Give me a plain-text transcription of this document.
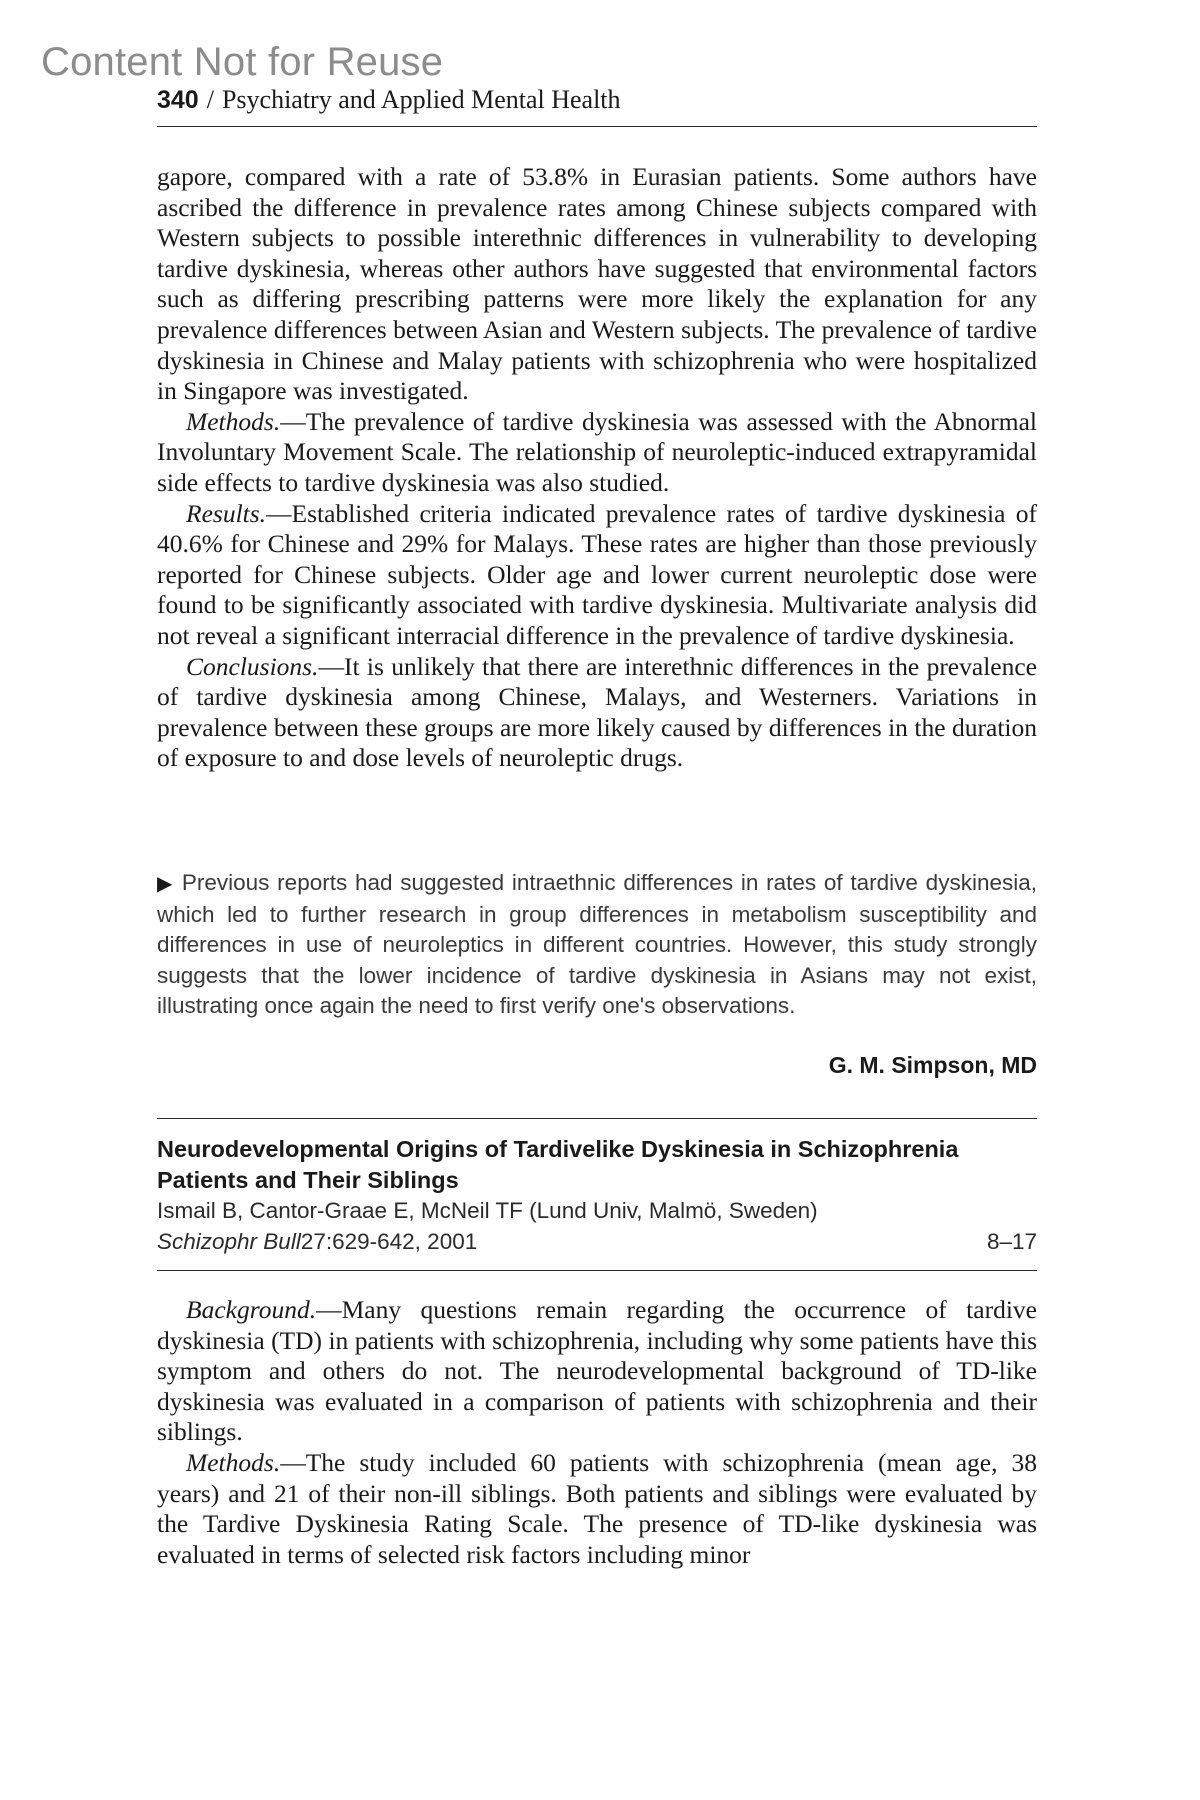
Content Not for Reuse
340 / Psychiatry and Applied Mental Health

gapore, compared with a rate of 53.8% in Eurasian patients. Some authors have ascribed the difference in prevalence rates among Chinese subjects compared with Western subjects to possible interethnic differences in vulnerability to developing tardive dyskinesia, whereas other authors have suggested that environmental factors such as differing prescribing patterns were more likely the explanation for any prevalence differences between Asian and Western subjects. The prevalence of tardive dyskinesia in Chinese and Malay patients with schizophrenia who were hospitalized in Singapore was investigated.

Methods.—The prevalence of tardive dyskinesia was assessed with the Abnormal Involuntary Movement Scale. The relationship of neuroleptic-induced extrapyramidal side effects to tardive dyskinesia was also studied.

Results.—Established criteria indicated prevalence rates of tardive dyskinesia of 40.6% for Chinese and 29% for Malays. These rates are higher than those previously reported for Chinese subjects. Older age and lower current neuroleptic dose were found to be significantly associated with tardive dyskinesia. Multivariate analysis did not reveal a significant interracial difference in the prevalence of tardive dyskinesia.

Conclusions.—It is unlikely that there are interethnic differences in the prevalence of tardive dyskinesia among Chinese, Malays, and Westerners. Variations in prevalence between these groups are more likely caused by differences in the duration of exposure to and dose levels of neuroleptic drugs.

▶ Previous reports had suggested intraethnic differences in rates of tardive dyskinesia, which led to further research in group differences in metabolism susceptibility and differences in use of neuroleptics in different countries. However, this study strongly suggests that the lower incidence of tardive dyskinesia in Asians may not exist, illustrating once again the need to first verify one's observations.
G. M. Simpson, MD
Neurodevelopmental Origins of Tardivelike Dyskinesia in Schizophrenia Patients and Their Siblings
Ismail B, Cantor-Graae E, McNeil TF (Lund Univ, Malmö, Sweden)
Schizophr Bull27:629-642, 2001	8–17

Background.—Many questions remain regarding the occurrence of tardive dyskinesia (TD) in patients with schizophrenia, including why some patients have this symptom and others do not. The neurodevelopmental background of TD-like dyskinesia was evaluated in a comparison of patients with schizophrenia and their siblings.

Methods.—The study included 60 patients with schizophrenia (mean age, 38 years) and 21 of their non-ill siblings. Both patients and siblings were evaluated by the Tardive Dyskinesia Rating Scale. The presence of TD-like dyskinesia was evaluated in terms of selected risk factors including minor
